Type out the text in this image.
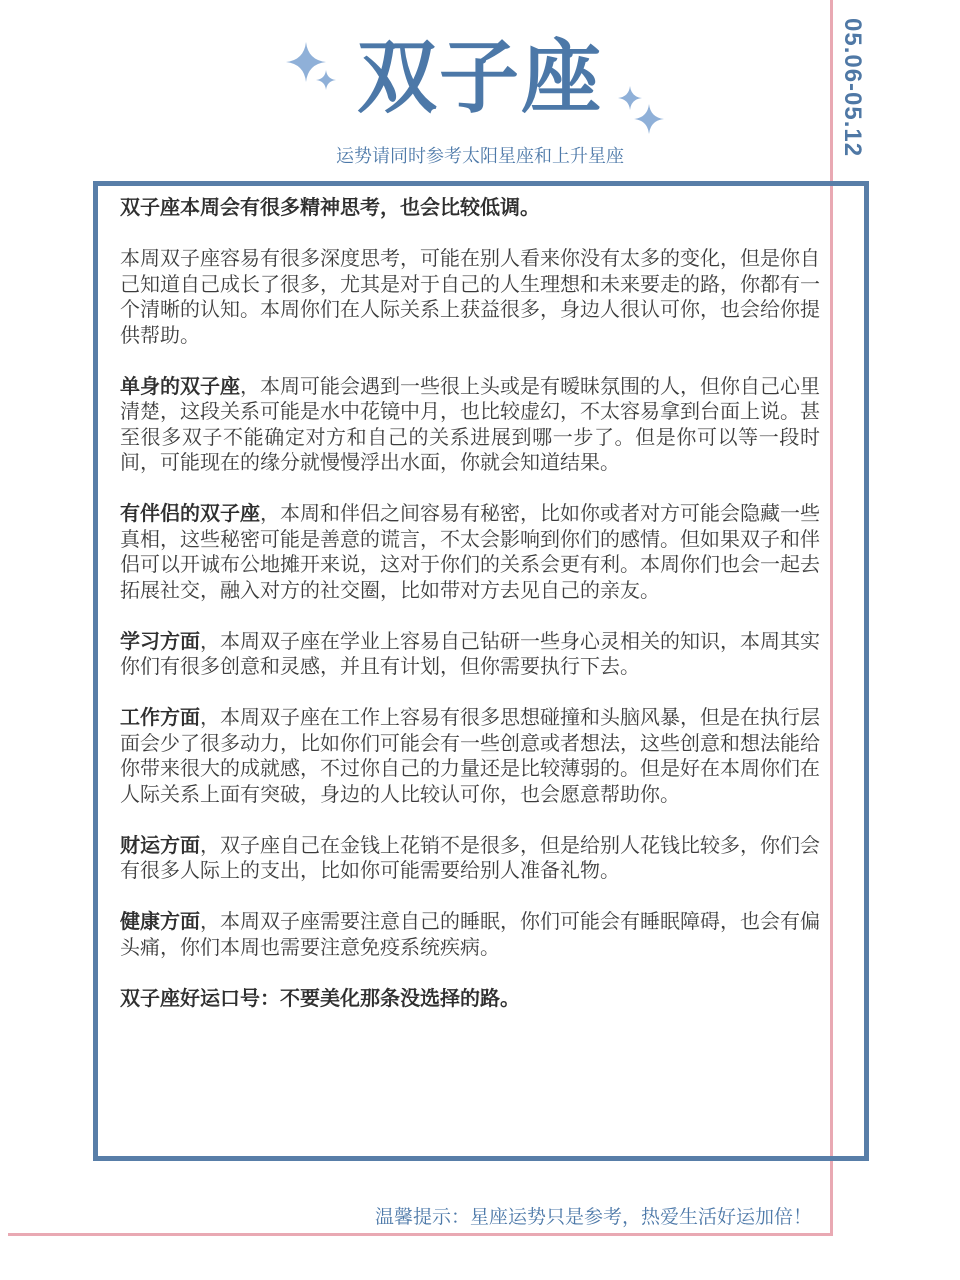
05.06-05.12
双子座
运势请同时参考太阳星座和上升星座

双子座本周会有很多精神思考，也会比较低调。

本周双子座容易有很多深度思考，可能在别人看来你没有太多的变化，但是你自己知道自己成长了很多，尤其是对于自己的人生理想和未来要走的路，你都有一个清晰的认知。本周你们在人际关系上获益很多，身边人很认可你，也会给你提供帮助。

单身的双子座，本周可能会遇到一些很上头或是有暧昧氛围的人，但你自己心里清楚，这段关系可能是水中花镜中月，也比较虚幻，不太容易拿到台面上说。甚至很多双子不能确定对方和自己的关系进展到哪一步了。但是你可以等一段时间，可能现在的缘分就慢慢浮出水面，你就会知道结果。

有伴侣的双子座，本周和伴侣之间容易有秘密，比如你或者对方可能会隐藏一些真相，这些秘密可能是善意的谎言，不太会影响到你们的感情。但如果双子和伴侣可以开诚布公地摊开来说，这对于你们的关系会更有利。本周你们也会一起去拓展社交，融入对方的社交圈，比如带对方去见自己的亲友。

学习方面，本周双子座在学业上容易自己钻研一些身心灵相关的知识，本周其实你们有很多创意和灵感，并且有计划，但你需要执行下去。

工作方面，本周双子座在工作上容易有很多思想碰撞和头脑风暴，但是在执行层面会少了很多动力，比如你们可能会有一些创意或者想法，这些创意和想法能给你带来很大的成就感，不过你自己的力量还是比较薄弱的。但是好在本周你们在人际关系上面有突破，身边的人比较认可你，也会愿意帮助你。

财运方面，双子座自己在金钱上花销不是很多，但是给别人花钱比较多，你们会有很多人际上的支出，比如你可能需要给别人准备礼物。

健康方面，本周双子座需要注意自己的睡眠，你们可能会有睡眠障碍，也会有偏头痛，你们本周也需要注意免疫系统疾病。

双子座好运口号：不要美化那条没选择的路。

温馨提示：星座运势只是参考，热爱生活好运加倍！
